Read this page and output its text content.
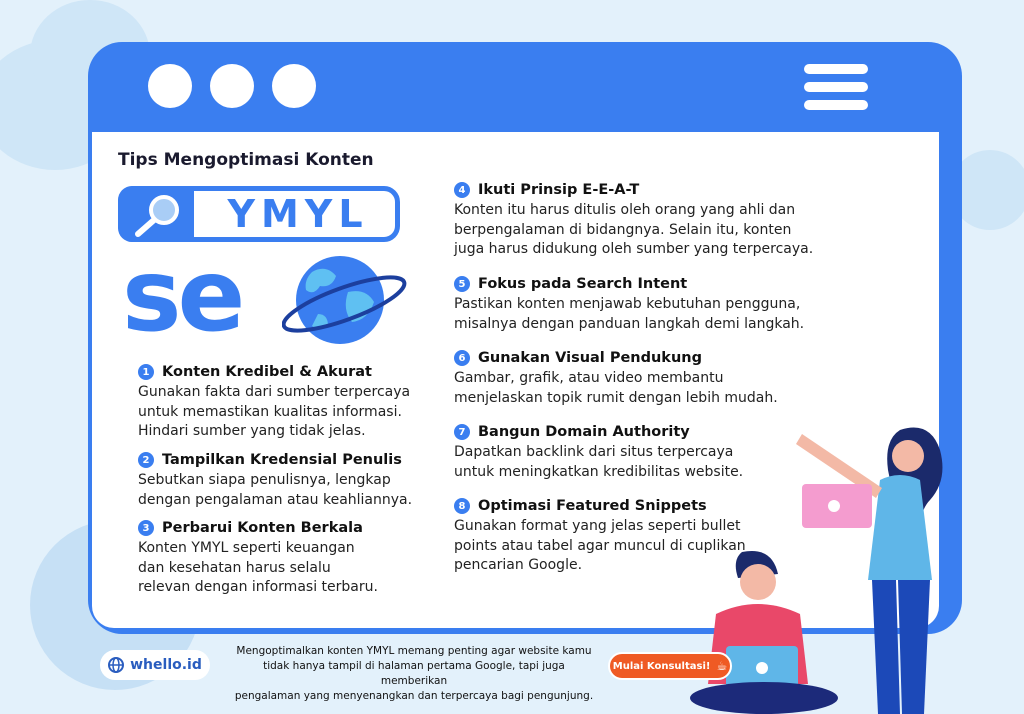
Tips Mengoptimasi Konten
YMYL
se
1 Konten Kredibel & Akurat
Gunakan fakta dari sumber terpercaya
untuk memastikan kualitas informasi.
Hindari sumber yang tidak jelas.
2 Tampilkan Kredensial Penulis
Sebutkan siapa penulisnya, lengkap
dengan pengalaman atau keahliannya.
3 Perbarui Konten Berkala
Konten YMYL seperti keuangan
dan kesehatan harus selalu
relevan dengan informasi terbaru.
4 Ikuti Prinsip E-E-A-T
Konten itu harus ditulis oleh orang yang ahli dan
berpengalaman di bidangnya. Selain itu, konten
juga harus didukung oleh sumber yang terpercaya.
5 Fokus pada Search Intent
Pastikan konten menjawab kebutuhan pengguna,
misalnya dengan panduan langkah demi langkah.
6 Gunakan Visual Pendukung
Gambar, grafik, atau video membantu
menjelaskan topik rumit dengan lebih mudah.
7 Bangun Domain Authority
Dapatkan backlink dari situs terpercaya
untuk meningkatkan kredibilitas website.
8 Optimasi Featured Snippets
Gunakan format yang jelas seperti bullet
points atau tabel agar muncul di cuplikan
pencarian Google.
whello.id
Mengoptimalkan konten YMYL memang penting agar website kamu
tidak hanya tampil di halaman pertama Google, tapi juga memberikan
pengalaman yang menyenangkan dan terpercaya bagi pengunjung.
Mulai Konsultasi! ☕
